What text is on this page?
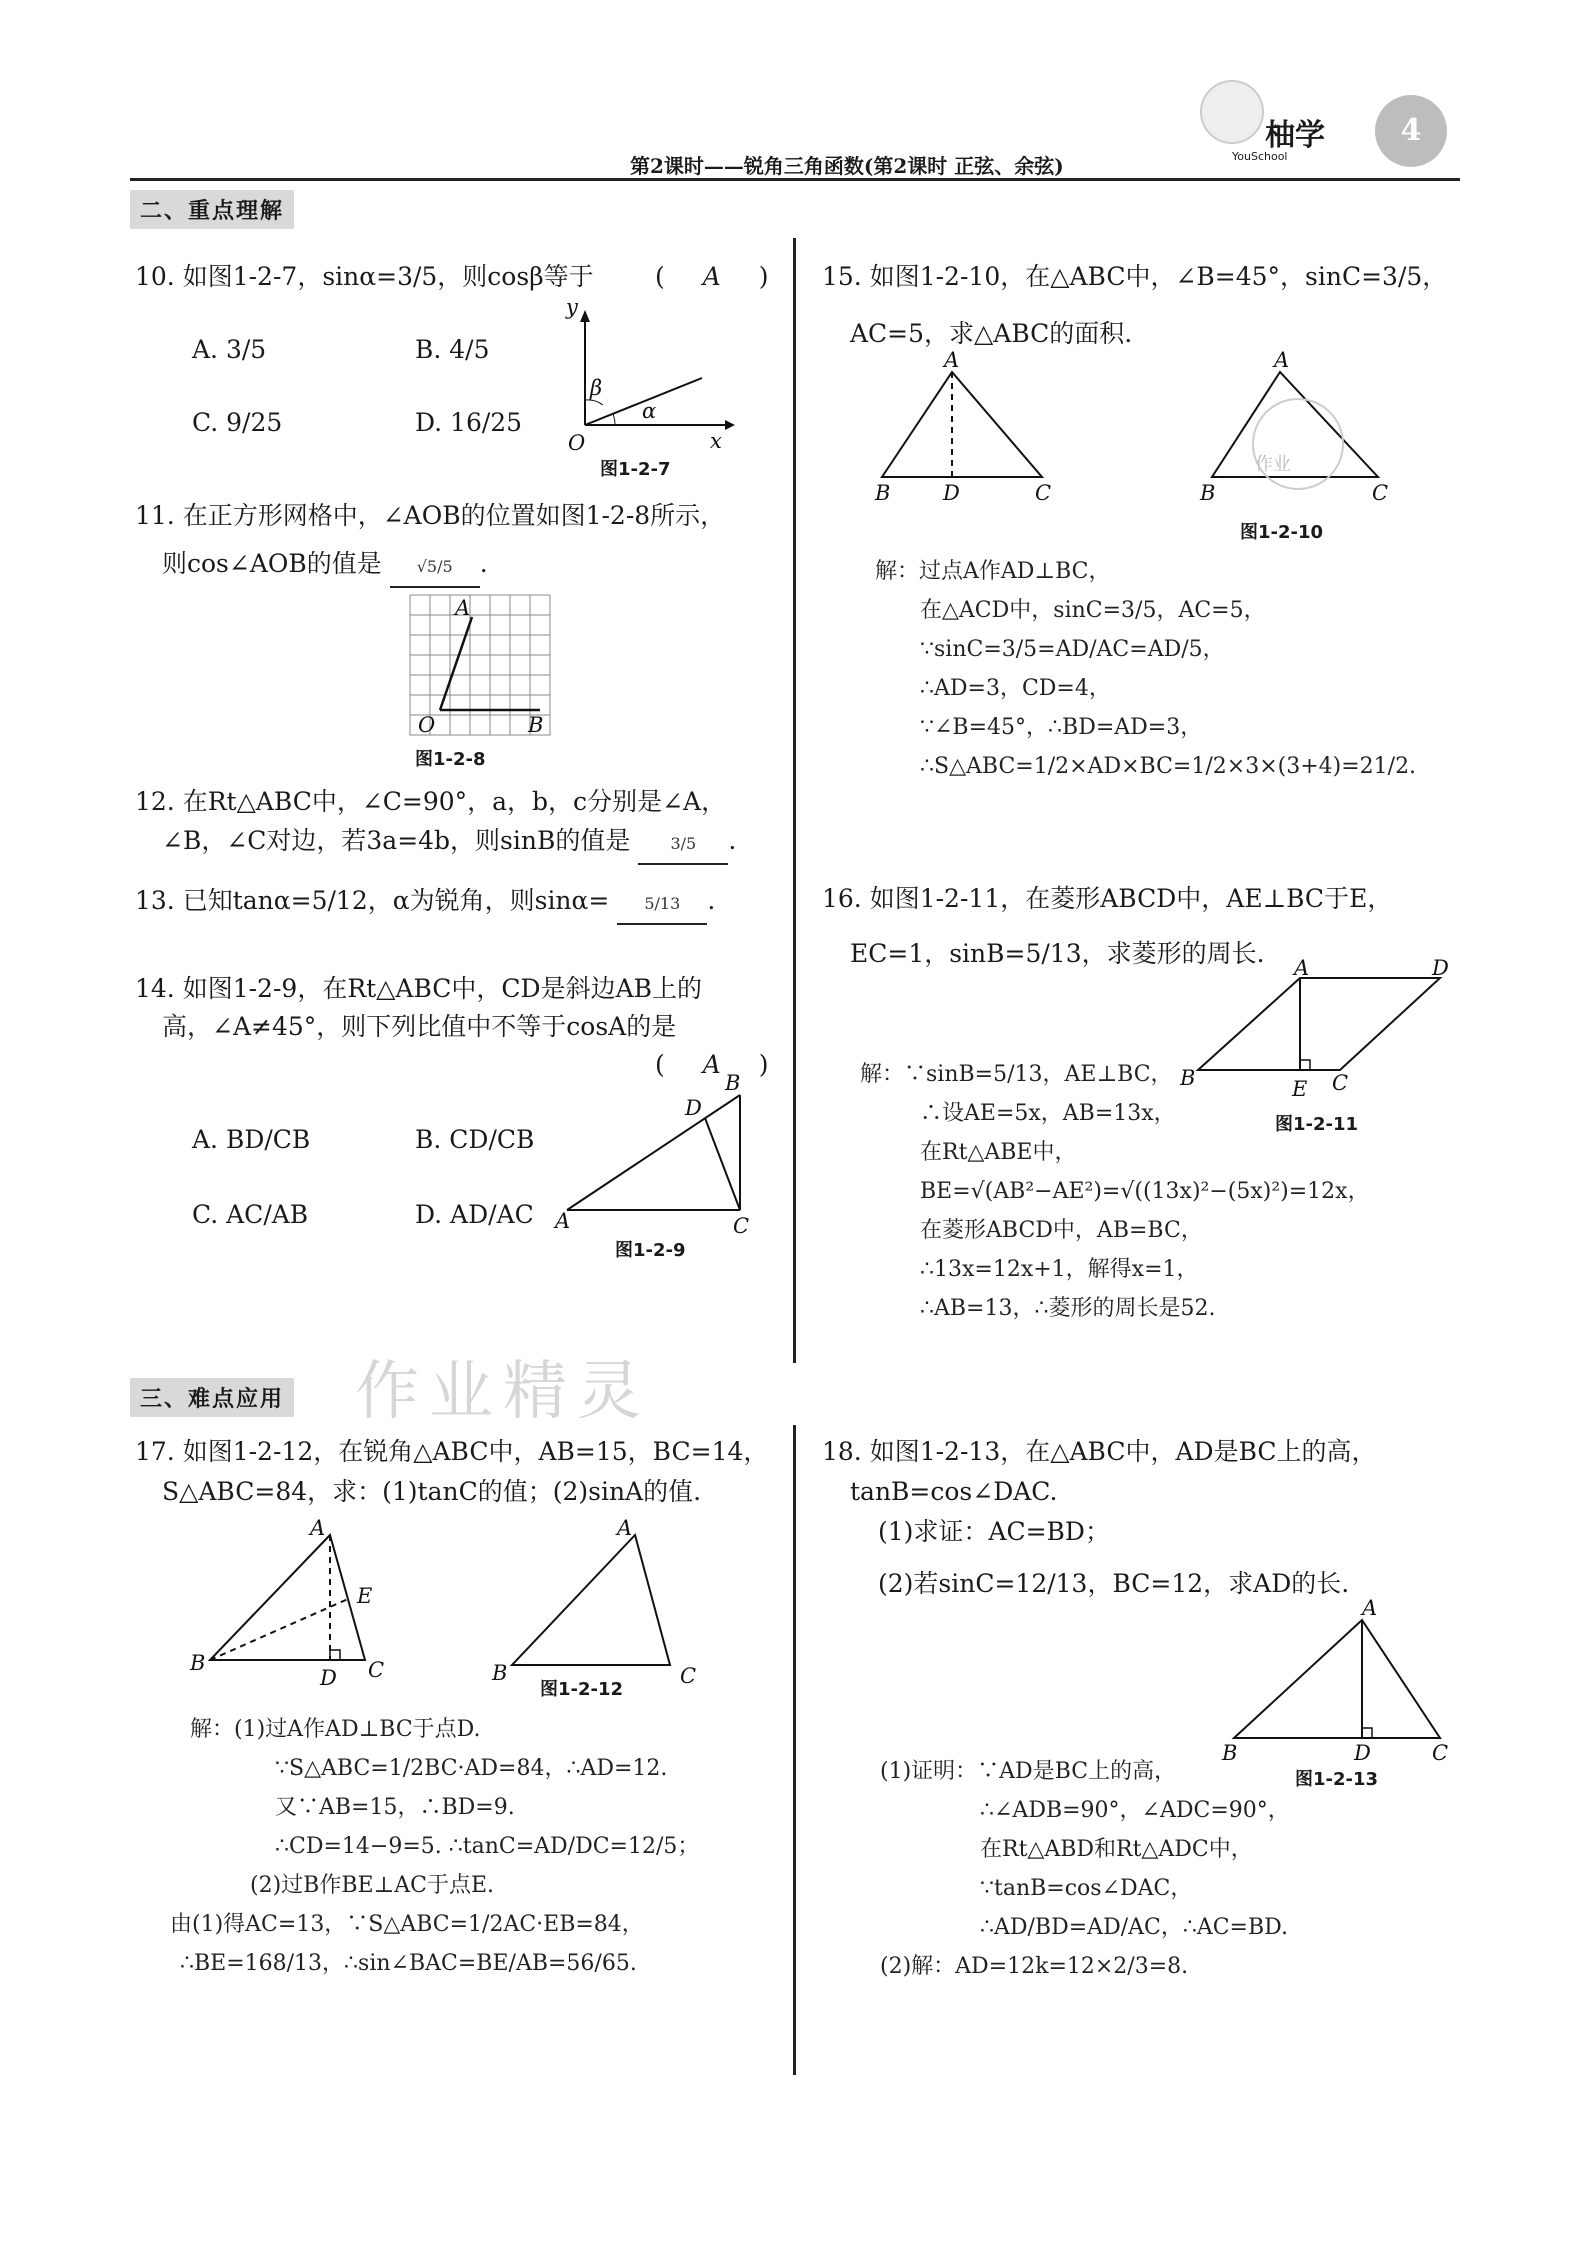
柚学
YouSchool
4
第2课时——锐角三角函数(第2课时 正弦、余弦)
二、重点理解
10. 如图1-2-7，sinα=3/5，则cosβ等于 ( A )
A. 3/5	B. 4/5
C. 9/25	D. 16/25
y
x
O
β
α
图1-2-7
11. 在正方形网格中，∠AOB的位置如图1-2-8所示，
则cos∠AOB的值是 √5/5 .
A
O	B
图1-2-8
12. 在Rt△ABC中，∠C=90°，a，b，c分别是∠A，
∠B，∠C对边，若3a=4b，则sinB的值是	3/5 .
13. 已知tanα=5/12，α为锐角，则sinα= 5/13 .
14. 如图1-2-9，在Rt△ABC中，CD是斜边AB上的
高，∠A≠45°，则下列比值中不等于cosA的是
( A )
A. BD/CB	B. CD/CB
C. AC/AB	D. AD/AC A
B
C
D
图1-2-9
15. 如图1-2-10，在△ABC中，∠B=45°，sinC=3/5，
AC=5，求△ABC的面积.
A
B	D	C
A
B	C
作业
图1-2-10
解：过点A作AD⊥BC，
在△ACD中，sinC=3/5，AC=5，
∵sinC=3/5=AD/AC=AD/5，
∴AD=3，CD=4，
∵∠B=45°，∴BD=AD=3，
∴S△ABC=1/2×AD×BC=1/2×3×(3+4)=21/2.
16. 如图1-2-11，在菱形ABCD中，AE⊥BC于E，
EC=1，sinB=5/13，求菱形的周长. A	D
B	E C
图1-2-11
解：∵sinB=5/13，AE⊥BC，
∴设AE=5x，AB=13x，
在Rt△ABE中，
BE=√(AB²−AE²)=√((13x)²−(5x)²)=12x，
在菱形ABCD中，AB=BC，
∴13x=12x+1，解得x=1，
∴AB=13，∴菱形的周长是52.
作业精灵
三、难点应用
17. 如图1-2-12，在锐角△ABC中，AB=15，BC=14，
S△ABC=84，求：(1)tanC的值；(2)sinA的值.
A
E
B
D C
A
B	C
图1-2-12
解：(1)过A作AD⊥BC于点D.
∵S△ABC=1/2BC·AD=84，∴AD=12.
又∵AB=15，∴BD=9.
∴CD=14−9=5. ∴tanC=AD/DC=12/5；
(2)过B作BE⊥AC于点E.
由(1)得AC=13，∵S△ABC=1/2AC·EB=84，
∴BE=168/13，∴sin∠BAC=BE/AB=56/65.
18. 如图1-2-13，在△ABC中，AD是BC上的高，
tanB=cos∠DAC.
(1)求证：AC=BD；
(2)若sinC=12/13，BC=12，求AD的长.
A
B	D	C
图1-2-13
(1)证明：∵AD是BC上的高，
∴∠ADB=90°，∠ADC=90°，
在Rt△ABD和Rt△ADC中，
∵tanB=cos∠DAC，
∴AD/BD=AD/AC，∴AC=BD.
(2)解：AD=12k=12×2/3=8.
